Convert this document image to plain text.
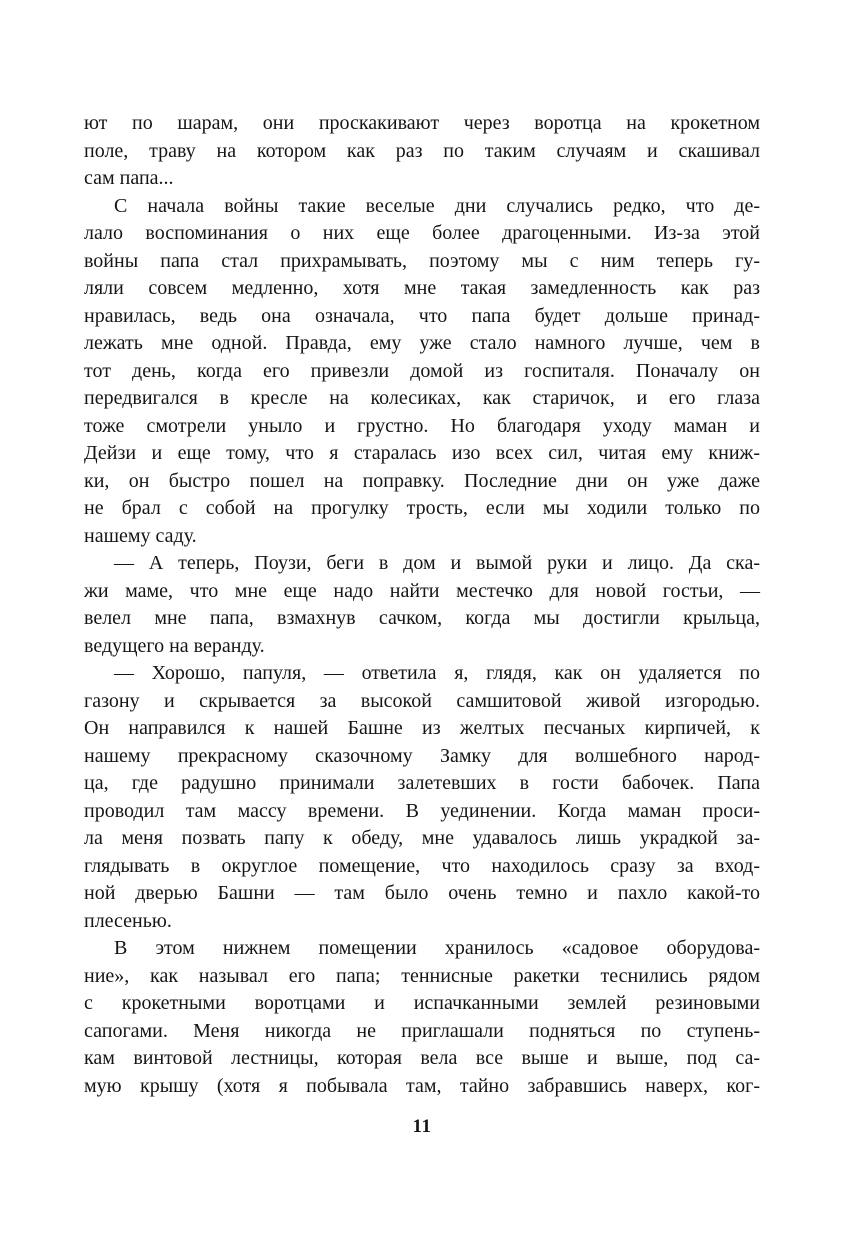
ют по шарам, они проскакивают через воротца на крокетном
поле, траву на котором как раз по таким случаям и скашивал
сам папа...
С начала войны такие веселые дни случались редко, что де-
лало воспоминания о них еще более драгоценными. Из-за этой
войны папа стал прихрамывать, поэтому мы с ним теперь гу-
ляли совсем медленно, хотя мне такая замедленность как раз
нравилась, ведь она означала, что папа будет дольше принад-
лежать мне одной. Правда, ему уже стало намного лучше, чем в
тот день, когда его привезли домой из госпиталя. Поначалу он
передвигался в кресле на колесиках, как старичок, и его глаза
тоже смотрели уныло и грустно. Но благодаря уходу маман и
Дейзи и еще тому, что я старалась изо всех сил, читая ему книж-
ки, он быстро пошел на поправку. Последние дни он уже даже
не брал с собой на прогулку трость, если мы ходили только по
нашему саду.
— А теперь, Поузи, беги в дом и вымой руки и лицо. Да ска-
жи маме, что мне еще надо найти местечко для новой гостьи, —
велел мне папа, взмахнув сачком, когда мы достигли крыльца,
ведущего на веранду.
— Хорошо, папуля, — ответила я, глядя, как он удаляется по
газону и скрывается за высокой самшитовой живой изгородью.
Он направился к нашей Башне из желтых песчаных кирпичей, к
нашему прекрасному сказочному Замку для волшебного народ-
ца, где радушно принимали залетевших в гости бабочек. Папа
проводил там массу времени. В уединении. Когда маман проси-
ла меня позвать папу к обеду, мне удавалось лишь украдкой за-
глядывать в округлое помещение, что находилось сразу за вход-
ной дверью Башни — там было очень темно и пахло какой-то
плесенью.
В этом нижнем помещении хранилось «садовое оборудова-
ние», как называл его папа; теннисные ракетки теснились рядом
с крокетными воротцами и испачканными землей резиновыми
сапогами. Меня никогда не приглашали подняться по ступень-
кам винтовой лестницы, которая вела все выше и выше, под са-
мую крышу (хотя я побывала там, тайно забравшись наверх, ког-
11
